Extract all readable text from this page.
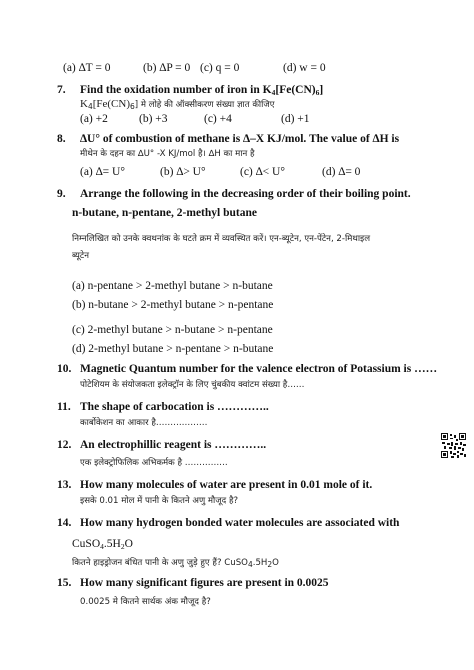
(a) ∆T = 0	(b) ∆P = 0 (c) q = 0	(d) w = 0
7. Find the oxidation number of iron in $K_4[Fe(CN)_6]$
$K_4[Fe(CN)_6]$ मे लोहे की ऑक्सीकरण संख्या ज्ञात कीजिए
(a) +2	(b) +3	(c) +4	(d) +1
8. ∆U° of combustion of methane is ∆–X KJ/mol. The value of ∆H is
मीथेन के दहन का ∆U° -X KJ/mol है। ∆H का मान है
(a) ∆= U°	(b) ∆> U°	(c) ∆< U°	(d) ∆= 0
9. Arrange the following in the decreasing order of their boiling point.
n-butane, n-pentane, 2-methyl butane
निम्नलिखित को उनके क्वथनांक के घटते क्रम में व्यवस्थित करें। एन-ब्यूटेन, एन-पेंटेन, 2-मिथाइल
ब्यूटेन
(a) n-pentane > 2-methyl butane > n-butane
(b) n-butane > 2-methyl butane > n-pentane
(c) 2-methyl butane > n-butane > n-pentane
(d) 2-methyl butane > n-pentane > n-butane
10. Magnetic Quantum number for the valence electron of Potassium is ……
पोटेशियम के संयोजकता इलेक्ट्रॉन के लिए चुंबकीय क्वांटम संख्या है……
11. The shape of carbocation is …………..
कार्बोकेशन का आकार है………………
12. An electrophillic reagent is …………..
एक इलेक्ट्रोफिलिक अभिकर्मक है ……………
13. How many molecules of water are present in 0.01 mole of it.
इसके 0.01 मोल में पानी के कितने अणु मौजूद है?
14. How many hydrogen bonded water molecules are associated with
$CuSO_4.5H_2O$
कितने हाइड्रोजन बंधित पानी के अणु जुड़े हुए हैं? $CuSO_4.5H_2O$
15. How many significant figures are present in 0.0025
0.0025 मे कितने सार्थक अंक मौजूद है?
